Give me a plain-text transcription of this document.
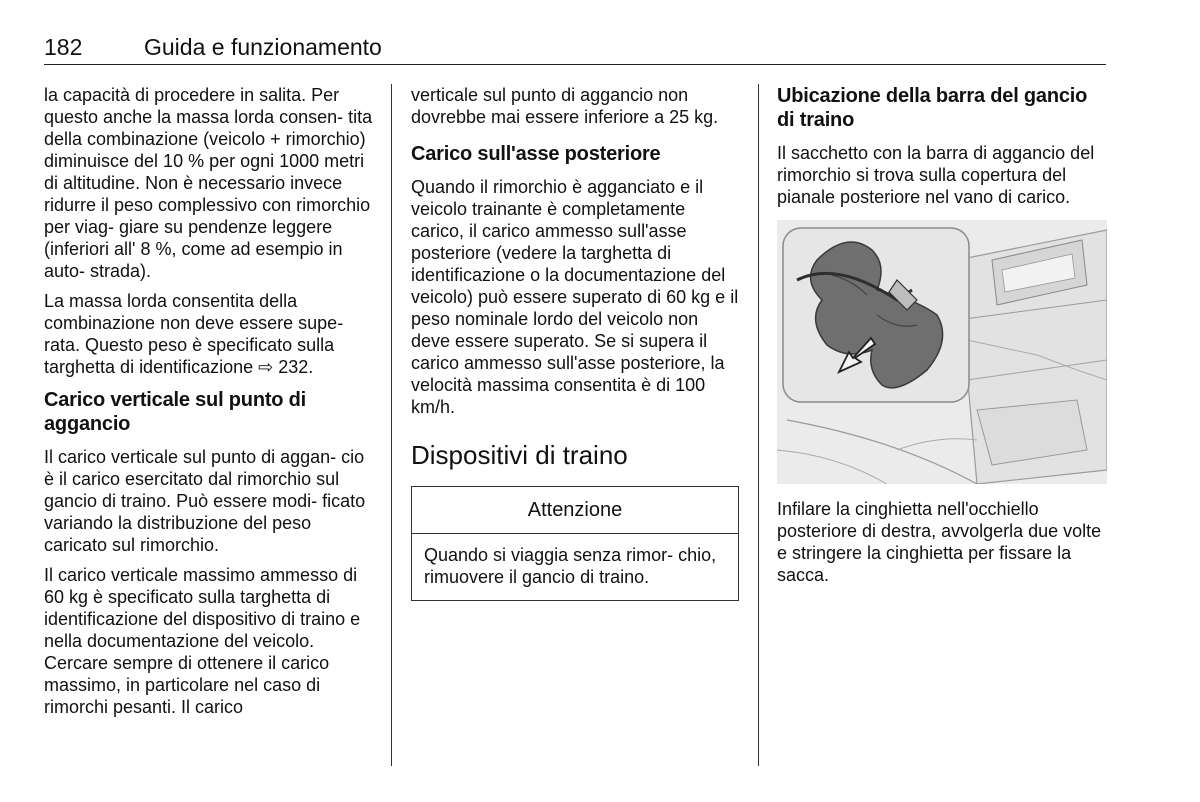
182	Guida e funzionamento

la capacità di procedere in salita. Per questo anche la massa lorda consen- tita della combinazione (veicolo + rimorchio) diminuisce del 10 % per ogni 1000 metri di altitudine. Non è necessario invece ridurre il peso complessivo con rimorchio per viag- giare su pendenze leggere (inferiori all' 8 %, come ad esempio in auto- strada).

La massa lorda consentita della combinazione non deve essere supe- rata. Questo peso è specificato sulla targhetta di identificazione ⇨ 232.

Carico verticale sul punto di aggancio

Il carico verticale sul punto di aggan- cio è il carico esercitato dal rimorchio sul gancio di traino. Può essere modi- ficato variando la distribuzione del peso caricato sul rimorchio.

Il carico verticale massimo ammesso di 60 kg è specificato sulla targhetta di identificazione del dispositivo di traino e nella documentazione del veicolo. Cercare sempre di ottenere il carico massimo, in particolare nel caso di rimorchi pesanti. Il carico

verticale sul punto di aggancio non dovrebbe mai essere inferiore a 25 kg.

Carico sull'asse posteriore

Quando il rimorchio è agganciato e il veicolo trainante è completamente carico, il carico ammesso sull'asse posteriore (vedere la targhetta di identificazione o la documentazione del veicolo) può essere superato di 60 kg e il peso nominale lordo del veicolo non deve essere superato. Se si supera il carico ammesso sull'asse posteriore, la velocità massima consentita è di 100 km/h.

Dispositivi di traino
Attenzione
Quando si viaggia senza rimor- chio, rimuovere il gancio di traino.
Ubicazione della barra del gancio di traino

Il sacchetto con la barra di aggancio del rimorchio si trova sulla copertura del pianale posteriore nel vano di carico.

Infilare la cinghietta nell'occhiello posteriore di destra, avvolgerla due volte e stringere la cinghietta per fissare la sacca.
